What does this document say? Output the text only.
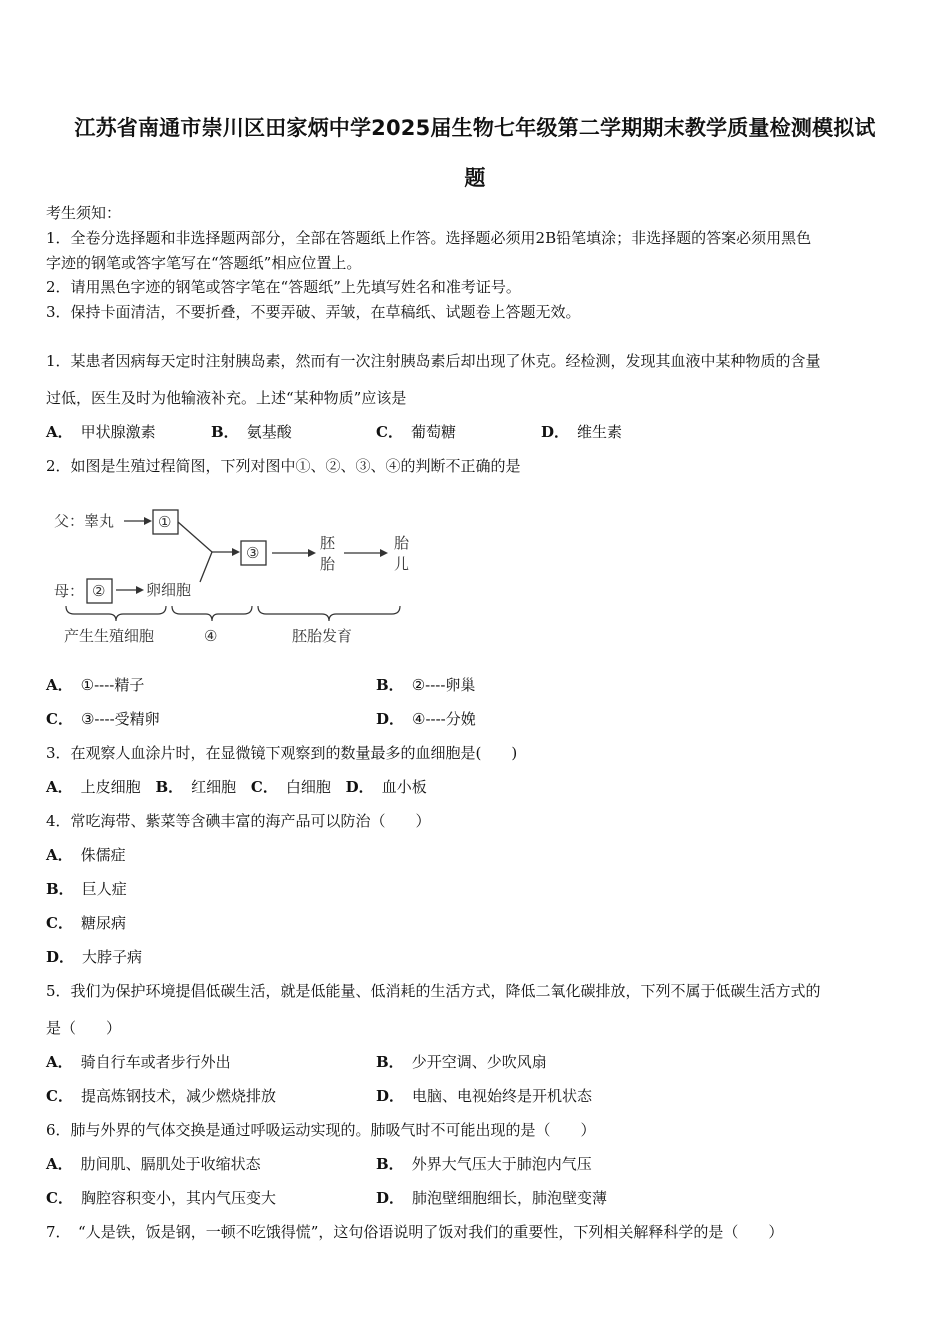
江苏省南通市崇川区田家炳中学2025届生物七年级第二学期期末教学质量检测模拟试
题
考生须知：
1．全卷分选择题和非选择题两部分，全部在答题纸上作答。选择题必须用2B铅笔填涂；非选择题的答案必须用黑色
字迹的钢笔或答字笔写在“答题纸”相应位置上。
2．请用黑色字迹的钢笔或答字笔在“答题纸”上先填写姓名和准考证号。
3．保持卡面清洁，不要折叠，不要弄破、弄皱，在草稿纸、试题卷上答题无效。
1．某患者因病每天定时注射胰岛素，然而有一次注射胰岛素后却出现了休克。经检测，发现其血液中某种物质的含量
过低，医生及时为他输液补充。上述“某种物质”应该是
A． 甲状腺激素	B． 氨基酸	C． 葡萄糖	D． 维生素
2．如图是生殖过程简图，下列对图中①、②、③、④的判断不正确的是
父：睾丸	①
母： ②	卵细胞
③
胚
胎
胎
儿
产生生殖细胞	④	胚胎发育
A． ①----精子	B． ②----卵巢
C． ③----受精卵	D． ④----分娩
3．在观察人血涂片时，在显微镜下观察到的数量最多的血细胞是(　　)
A． 上皮细胞 B． 红细胞 C． 白细胞 D． 血小板
4．常吃海带、紫菜等含碘丰富的海产品可以防治（　　）
A． 侏儒症
B． 巨人症
C． 糖尿病
D． 大脖子病
5．我们为保护环境提倡低碳生活，就是低能量、低消耗的生活方式，降低二氧化碳排放，下列不属于低碳生活方式的
是（　　）
A． 骑自行车或者步行外出	B． 少开空调、少吹风扇
C． 提高炼钢技术，减少燃烧排放	D． 电脑、电视始终是开机状态
6．肺与外界的气体交换是通过呼吸运动实现的。肺吸气时不可能出现的是（　　）
A． 肋间肌、膈肌处于收缩状态	B． 外界大气压大于肺泡内气压
C． 胸腔容积变小，其内气压变大	D． 肺泡壁细胞细长，肺泡壁变薄
7．　“人是铁，饭是钢，一顿不吃饿得慌”，这句俗语说明了饭对我们的重要性，下列相关解释科学的是（　　）
